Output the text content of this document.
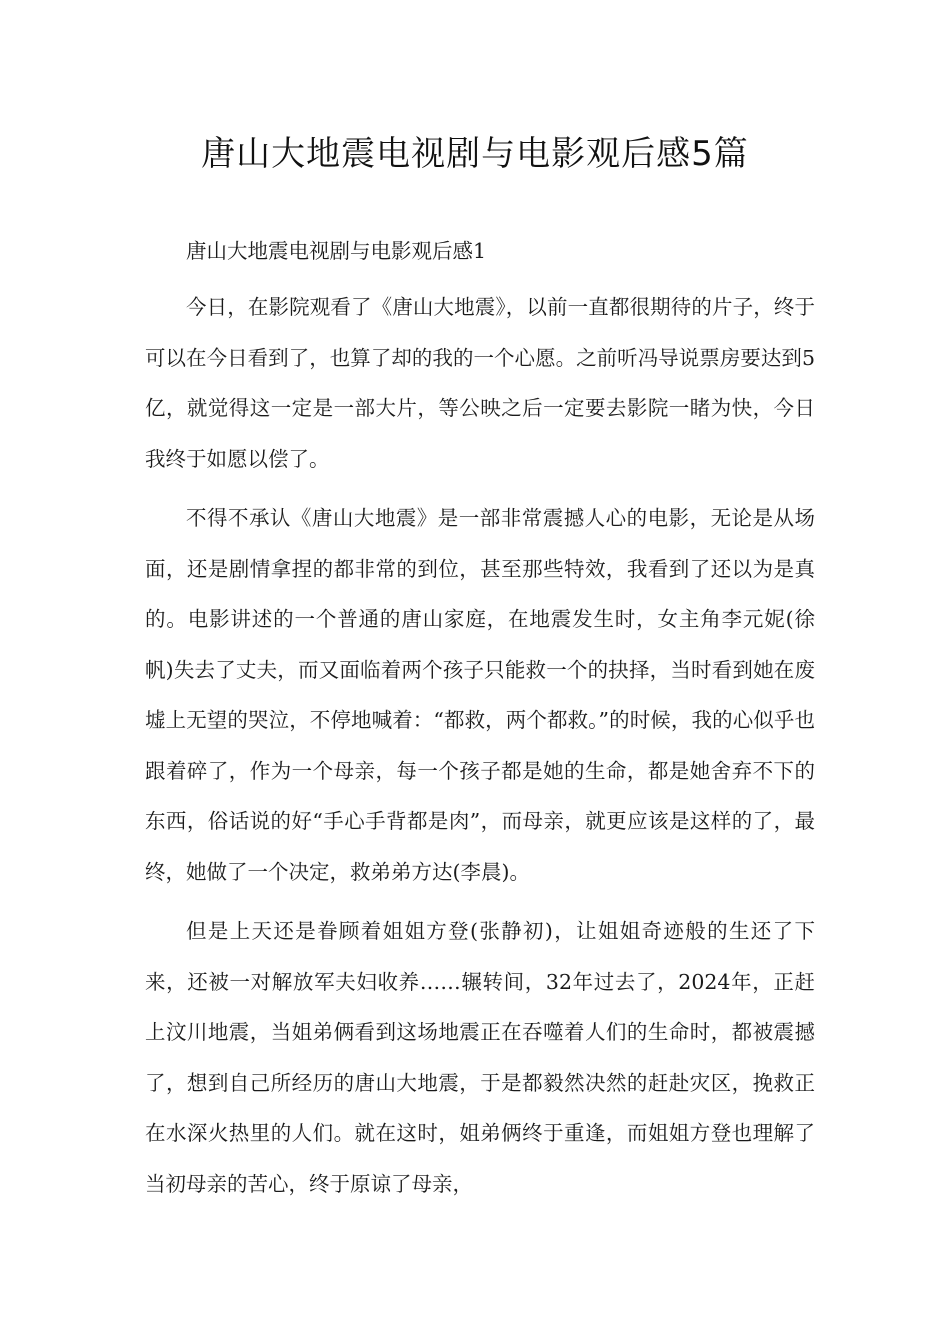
唐山大地震电视剧与电影观后感5篇

唐山大地震电视剧与电影观后感1

今日，在影院观看了《唐山大地震》，以前一直都很期待的片子，终于可以在今日看到了，也算了却的我的一个心愿。之前听冯导说票房要达到5亿，就觉得这一定是一部大片，等公映之后一定要去影院一睹为快，今日我终于如愿以偿了。

不得不承认《唐山大地震》是一部非常震撼人心的电影，无论是从场面，还是剧情拿捏的都非常的到位，甚至那些特效，我看到了还以为是真的。电影讲述的一个普通的唐山家庭，在地震发生时，女主角李元妮(徐帆)失去了丈夫，而又面临着两个孩子只能救一个的抉择，当时看到她在废墟上无望的哭泣，不停地喊着：“都救，两个都救。”的时候，我的心似乎也跟着碎了，作为一个母亲，每一个孩子都是她的生命，都是她舍弃不下的东西，俗话说的好“手心手背都是肉”，而母亲，就更应该是这样的了，最终，她做了一个决定，救弟弟方达(李晨)。

但是上天还是眷顾着姐姐方登(张静初)，让姐姐奇迹般的生还了下来，还被一对解放军夫妇收养……辗转间，32年过去了，2024年，正赶上汶川地震，当姐弟俩看到这场地震正在吞噬着人们的生命时，都被震撼了，想到自己所经历的唐山大地震，于是都毅然决然的赶赴灾区，挽救正在水深火热里的人们。就在这时，姐弟俩终于重逢，而姐姐方登也理解了当初母亲的苦心，终于原谅了母亲，
